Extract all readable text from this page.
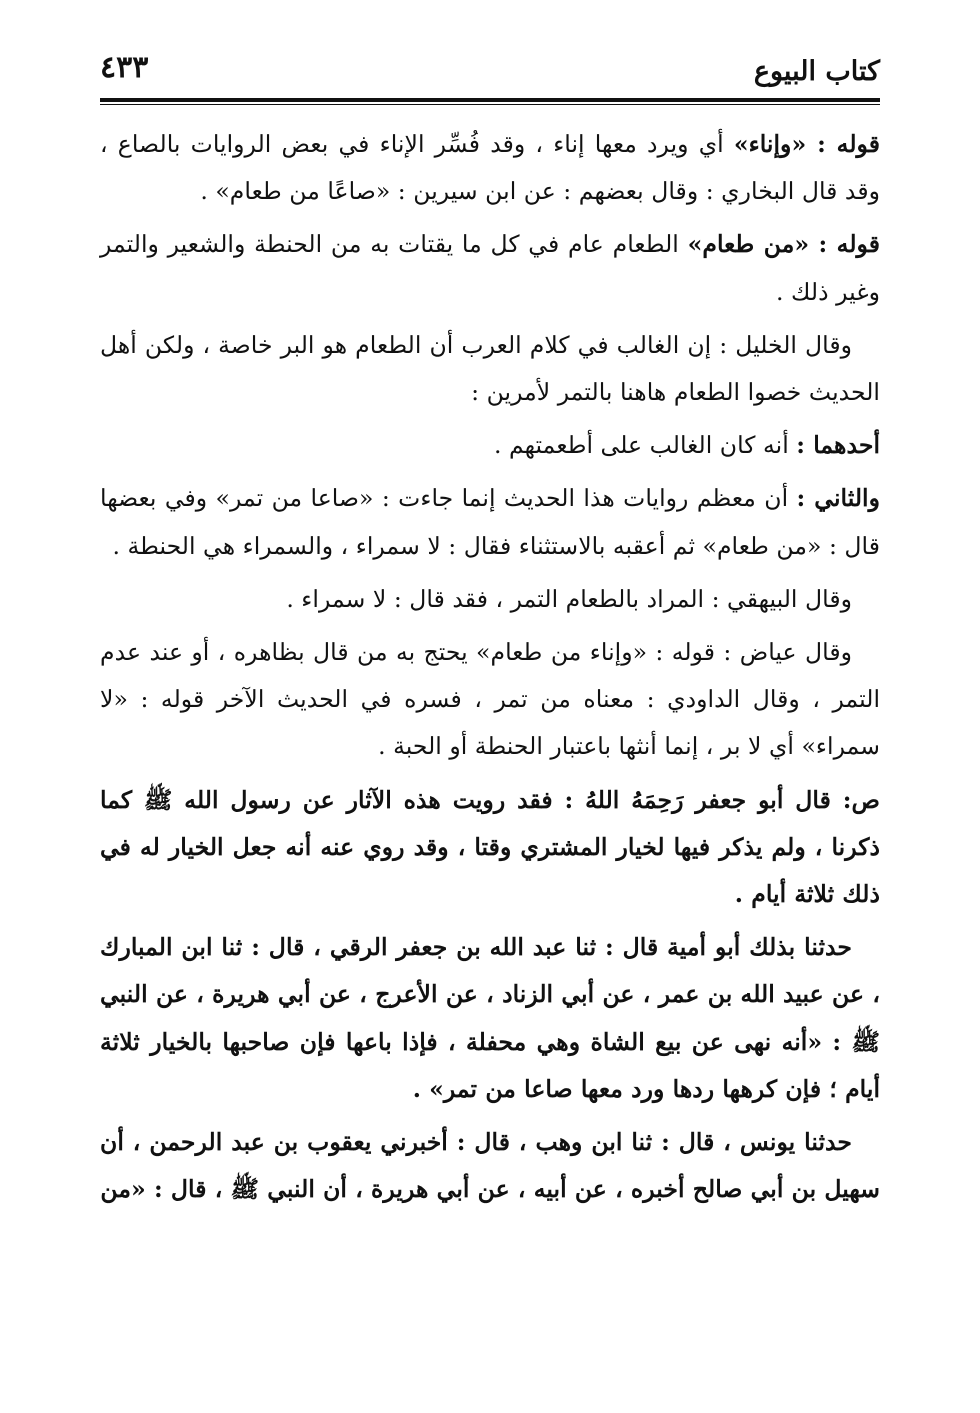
كتاب البيوع
٤٣٣

قوله : «وإناء» أي ويرد معها إناء ، وقد فُسِّر الإناء في بعض الروايات بالصاع ، وقد قال البخاري : وقال بعضهم : عن ابن سيرين : «صاعًا من طعام» .

قوله : «من طعام» الطعام عام في كل ما يقتات به من الحنطة والشعير والتمر وغير ذلك .

وقال الخليل : إن الغالب في كلام العرب أن الطعام هو البر خاصة ، ولكن أهل الحديث خصوا الطعام هاهنا بالتمر لأمرين :

أحدهما : أنه كان الغالب على أطعمتهم .

والثاني : أن معظم روايات هذا الحديث إنما جاءت : «صاعا من تمر» وفي بعضها قال : «من طعام» ثم أعقبه بالاستثناء فقال : لا سمراء ، والسمراء هي الحنطة .

وقال البيهقي : المراد بالطعام التمر ، فقد قال : لا سمراء .

وقال عياض : قوله : «وإناء من طعام» يحتج به من قال بظاهره ، أو عند عدم التمر ، وقال الداودي : معناه من تمر ، فسره في الحديث الآخر قوله : «لا سمراء» أي لا بر ، إنما أنثها باعتبار الحنطة أو الحبة .

ص: قال أبو جعفر رَحِمَهُ اللهُ : فقد رويت هذه الآثار عن رسول الله ﷺ كما ذكرنا ، ولم يذكر فيها لخيار المشتري وقتا ، وقد روي عنه أنه جعل الخيار له في ذلك ثلاثة أيام .

حدثنا بذلك أبو أمية قال : ثنا عبد الله بن جعفر الرقي ، قال : ثنا ابن المبارك ، عن عبيد الله بن عمر ، عن أبي الزناد ، عن الأعرج ، عن أبي هريرة ، عن النبي ﷺ : «أنه نهى عن بيع الشاة وهي محفلة ، فإذا باعها فإن صاحبها بالخيار ثلاثة أيام ؛ فإن كرهها ردها ورد معها صاعا من تمر» .

حدثنا يونس ، قال : ثنا ابن وهب ، قال : أخبرني يعقوب بن عبد الرحمن ، أن سهيل بن أبي صالح أخبره ، عن أبيه ، عن أبي هريرة ، أن النبي ﷺ ، قال : «من
